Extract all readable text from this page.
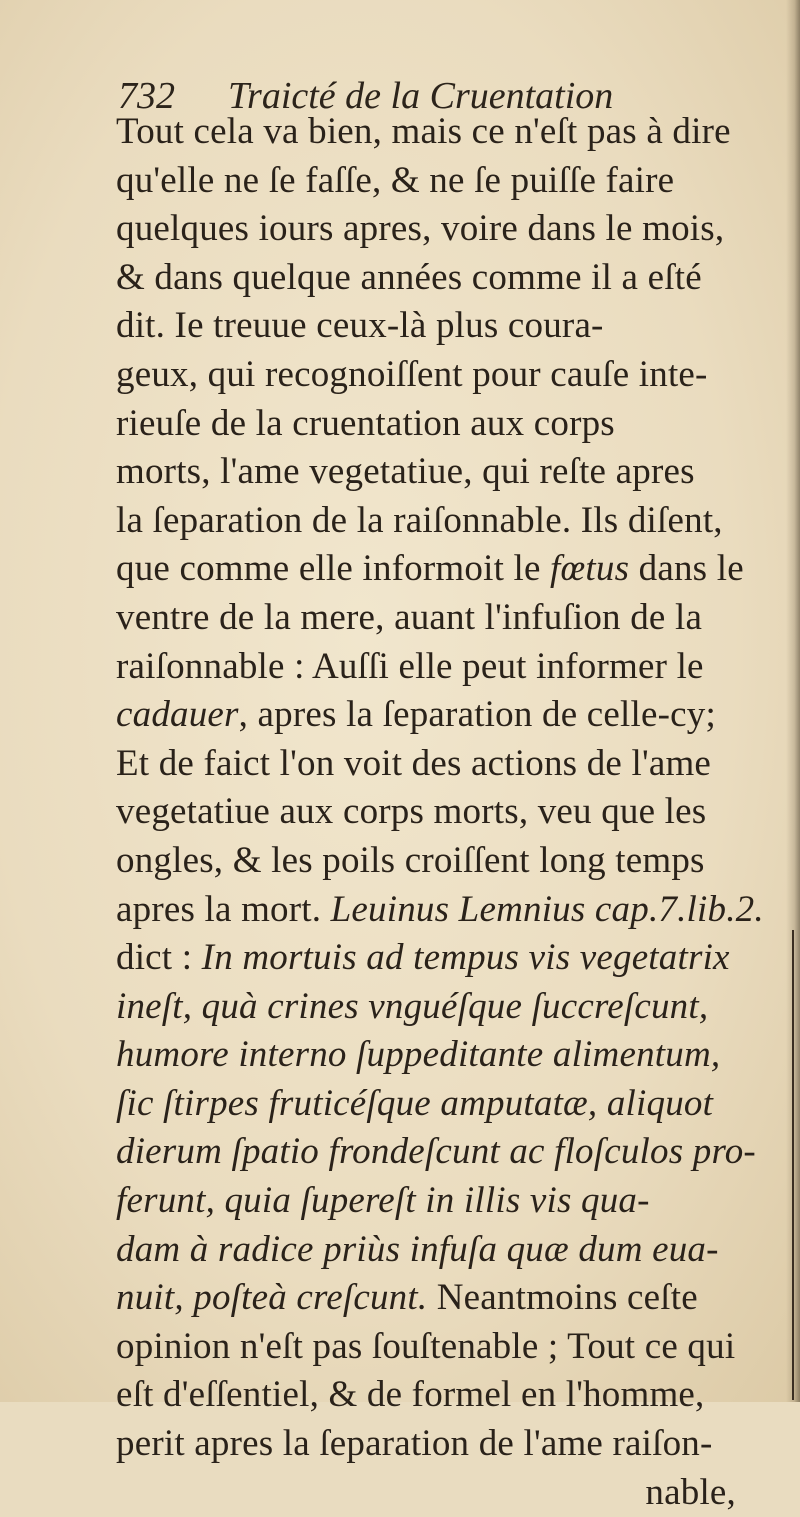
732 Traicté de la Cruentation
Tout cela va bien, mais ce n'eſt pas à dire
qu'elle ne ſe faſſe, & ne ſe puiſſe faire
quelques iours apres, voire dans le mois,
& dans quelque années comme il a eſté
dit. Ie treuue ceux-là plus coura-
geux, qui recognoiſſent pour cauſe inte-
rieuſe de la cruentation aux corps
morts, l'ame vegetatiue, qui reſte apres
la ſeparation de la raiſonnable. Ils diſent,
que comme elle informoit le fœtus dans le
ventre de la mere, auant l'infuſion de la
raiſonnable : Auſſi elle peut informer le
cadauer, apres la ſeparation de celle-cy;
Et de faict l'on voit des actions de l'ame
vegetatiue aux corps morts, veu que les
ongles, & les poils croiſſent long temps
apres la mort. Leuinus Lemnius cap.7.lib.2.
dict : In mortuis ad tempus vis vegetatrix
ineſt, quà crines vnguéſque ſuccreſcunt,
humore interno ſuppeditante alimentum,
ſic ſtirpes fruticéſque amputatæ, aliquot
dierum ſpatio frondeſcunt ac floſculos pro-
ferunt, quia ſupereſt in illis vis qua-
dam à radice priùs infuſa quæ dum eua-
nuit, poſteà creſcunt. Neantmoins ceſte
opinion n'eſt pas ſouſtenable ; Tout ce qui
eſt d'eſſentiel, & de formel en l'homme,
perit apres la ſeparation de l'ame raiſon-
nable,
